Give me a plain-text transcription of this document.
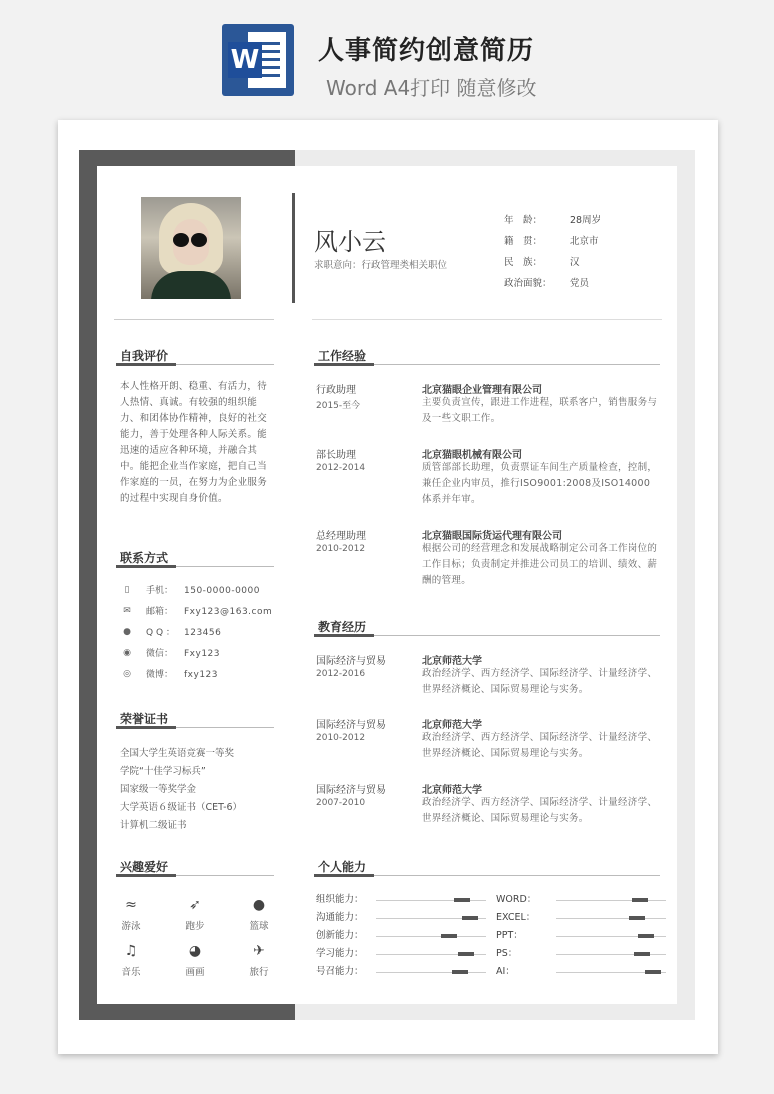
W 人事简约创意简历
Word A4打印 随意修改
自我评价
本人性格开朗、稳重、有活力，待人热情、真诚。有较强的组织能力、和团体协作精神，良好的社交能力，善于处理各种人际关系。能迅速的适应各种环境，并融合其中。能把企业当作家庭，把自己当作家庭的一员，在努力为企业服务的过程中实现自身价值。
联系方式
▯ 手机：	150-0000-0000
✉ 邮箱：	Fxy123@163.com
● Q Q ：	123456
◉ 微信：	Fxy123
◎ 微博：	fxy123
荣誉证书
全国大学生英语竞赛一等奖
学院“十佳学习标兵”
国家级一等奖学金
大学英语６级证书（CET-6）
计算机二级证书
兴趣爱好
≈
游泳
➶
跑步
●
篮球
♫
音乐
◕
画画
✈
旅行
风小云
求职意向：行政管理类相关职位
年　龄：	28周岁
籍　贯：	北京市
民　族：	汉
政治面貌： 党员
工作经验
行政助理
2015-至今
北京猫眼企业管理有限公司
主要负责宣传，跟进工作进程，联系客户，销售服务与及一些文职工作。
部长助理
2012-2014
北京猫眼机械有限公司
质管部部长助理，负责票证车间生产质量检查，控制，兼任企业内审员，推行ISO9001:2008及ISO14000体系并年审。
总经理助理
2010-2012
北京猫眼国际货运代理有限公司
根据公司的经营理念和发展战略制定公司各工作岗位的工作目标；负责制定并推进公司员工的培训、绩效、薪酬的管理。
教育经历
国际经济与贸易
2012-2016
北京师范大学
政治经济学、西方经济学、国际经济学、计量经济学、世界经济概论、国际贸易理论与实务。
国际经济与贸易
2010-2012
北京师范大学
政治经济学、西方经济学、国际经济学、计量经济学、世界经济概论、国际贸易理论与实务。
国际经济与贸易
2007-2010
北京师范大学
政治经济学、西方经济学、国际经济学、计量经济学、世界经济概论、国际贸易理论与实务。
个人能力
组织能力：
沟通能力：
创新能力：
学习能力：
号召能力：
WORD：
EXCEL：
PPT：
PS：
AI：
